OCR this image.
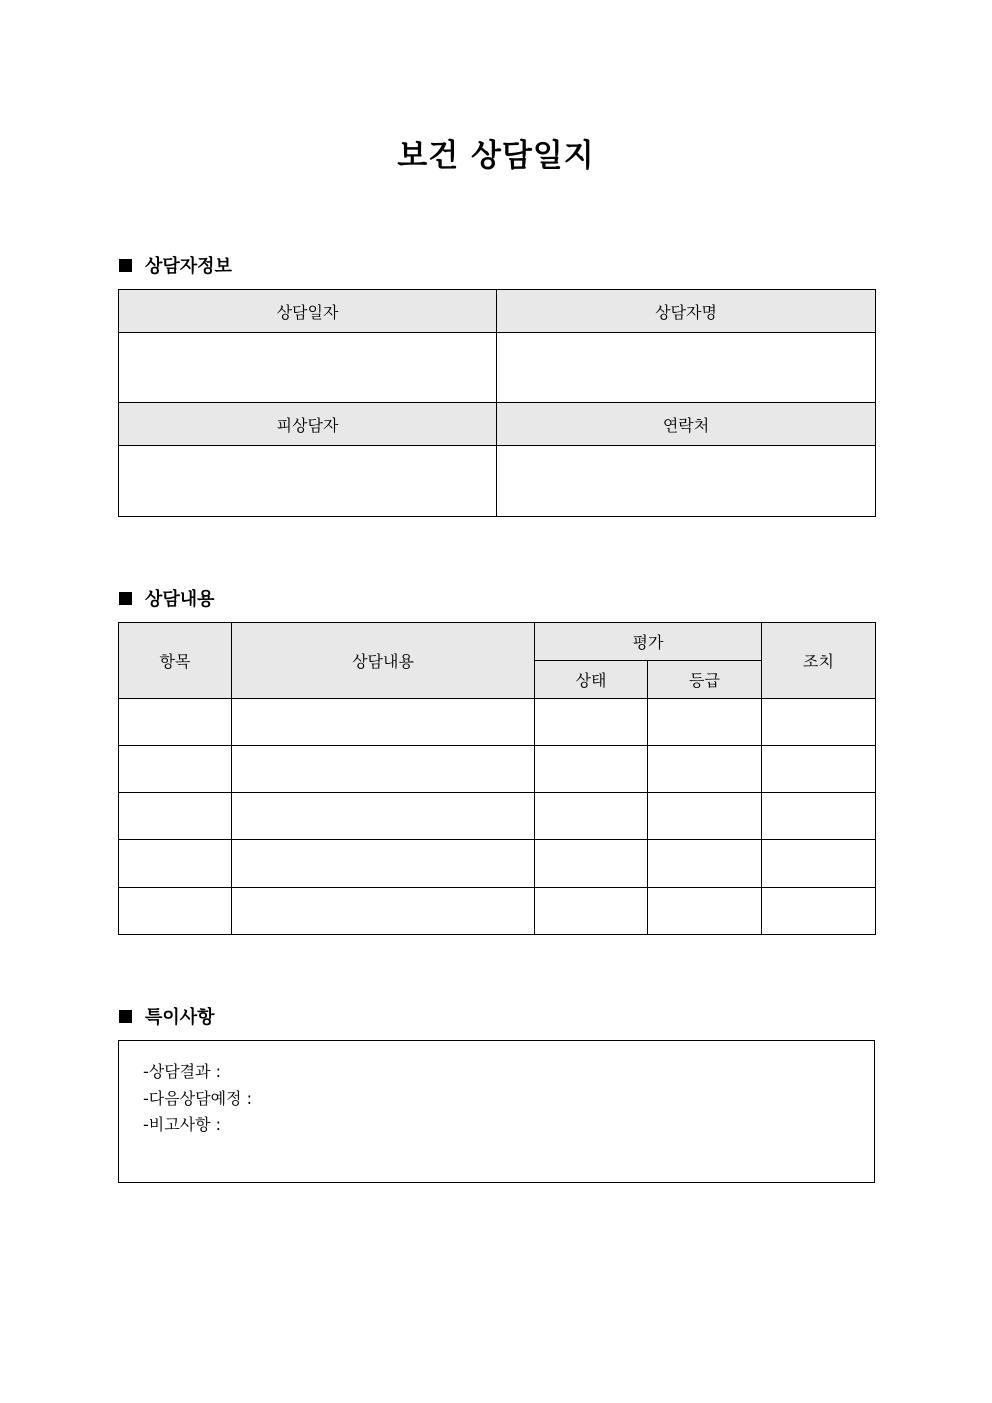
보건 상담일지
상담자정보
상담일자	상담자명

피상담자	연락처

상담내용
항목	상담내용	평가		조치
		상태	등급	

특이사항
-상담결과 :
-다음상담예정 :
-비고사항 :
